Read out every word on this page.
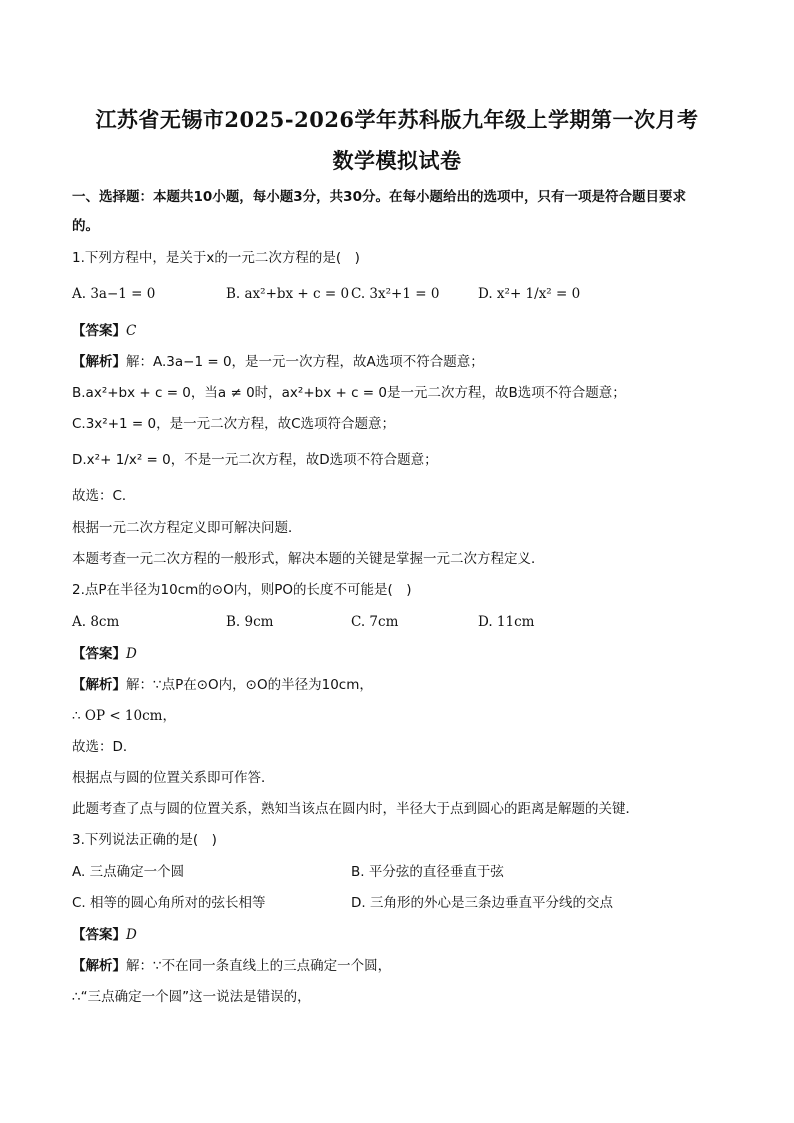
江苏省无锡市2025-2026学年苏科版九年级上学期第一次月考
数学模拟试卷
一、选择题：本题共10小题，每小题3分，共30分。在每小题给出的选项中，只有一项是符合题目要求
的。
1.下列方程中，是关于x的一元二次方程的是(　)
A. 3a−1 = 0	B. ax²+bx + c = 0 C. 3x²+1 = 0	D. x²+ 1/x² = 0
【答案】C
【解析】解：A.3a−1 = 0，是一元一次方程，故A选项不符合题意；
B.ax²+bx + c = 0，当a ≠ 0时，ax²+bx + c = 0是一元二次方程，故B选项不符合题意；
C.3x²+1 = 0，是一元二次方程，故C选项符合题意；
D.x²+ 1/x² = 0，不是一元二次方程，故D选项不符合题意；
故选：C．
根据一元二次方程定义即可解决问题．
本题考查一元二次方程的一般形式，解决本题的关键是掌握一元二次方程定义．
2.点P在半径为10cm的⊙O内，则PO的长度不可能是(　)
A. 8cm	B. 9cm	C. 7cm	D. 11cm
【答案】D
【解析】解：∵点P在⊙O内，⊙O的半径为10cm，
∴ OP < 10cm，
故选：D．
根据点与圆的位置关系即可作答．
此题考查了点与圆的位置关系，熟知当该点在圆内时，半径大于点到圆心的距离是解题的关键．
3.下列说法正确的是(　)
A. 三点确定一个圆	B. 平分弦的直径垂直于弦
C. 相等的圆心角所对的弦长相等	D. 三角形的外心是三条边垂直平分线的交点
【答案】D
【解析】解：∵不在同一条直线上的三点确定一个圆，
∴“三点确定一个圆”这一说法是错误的，
